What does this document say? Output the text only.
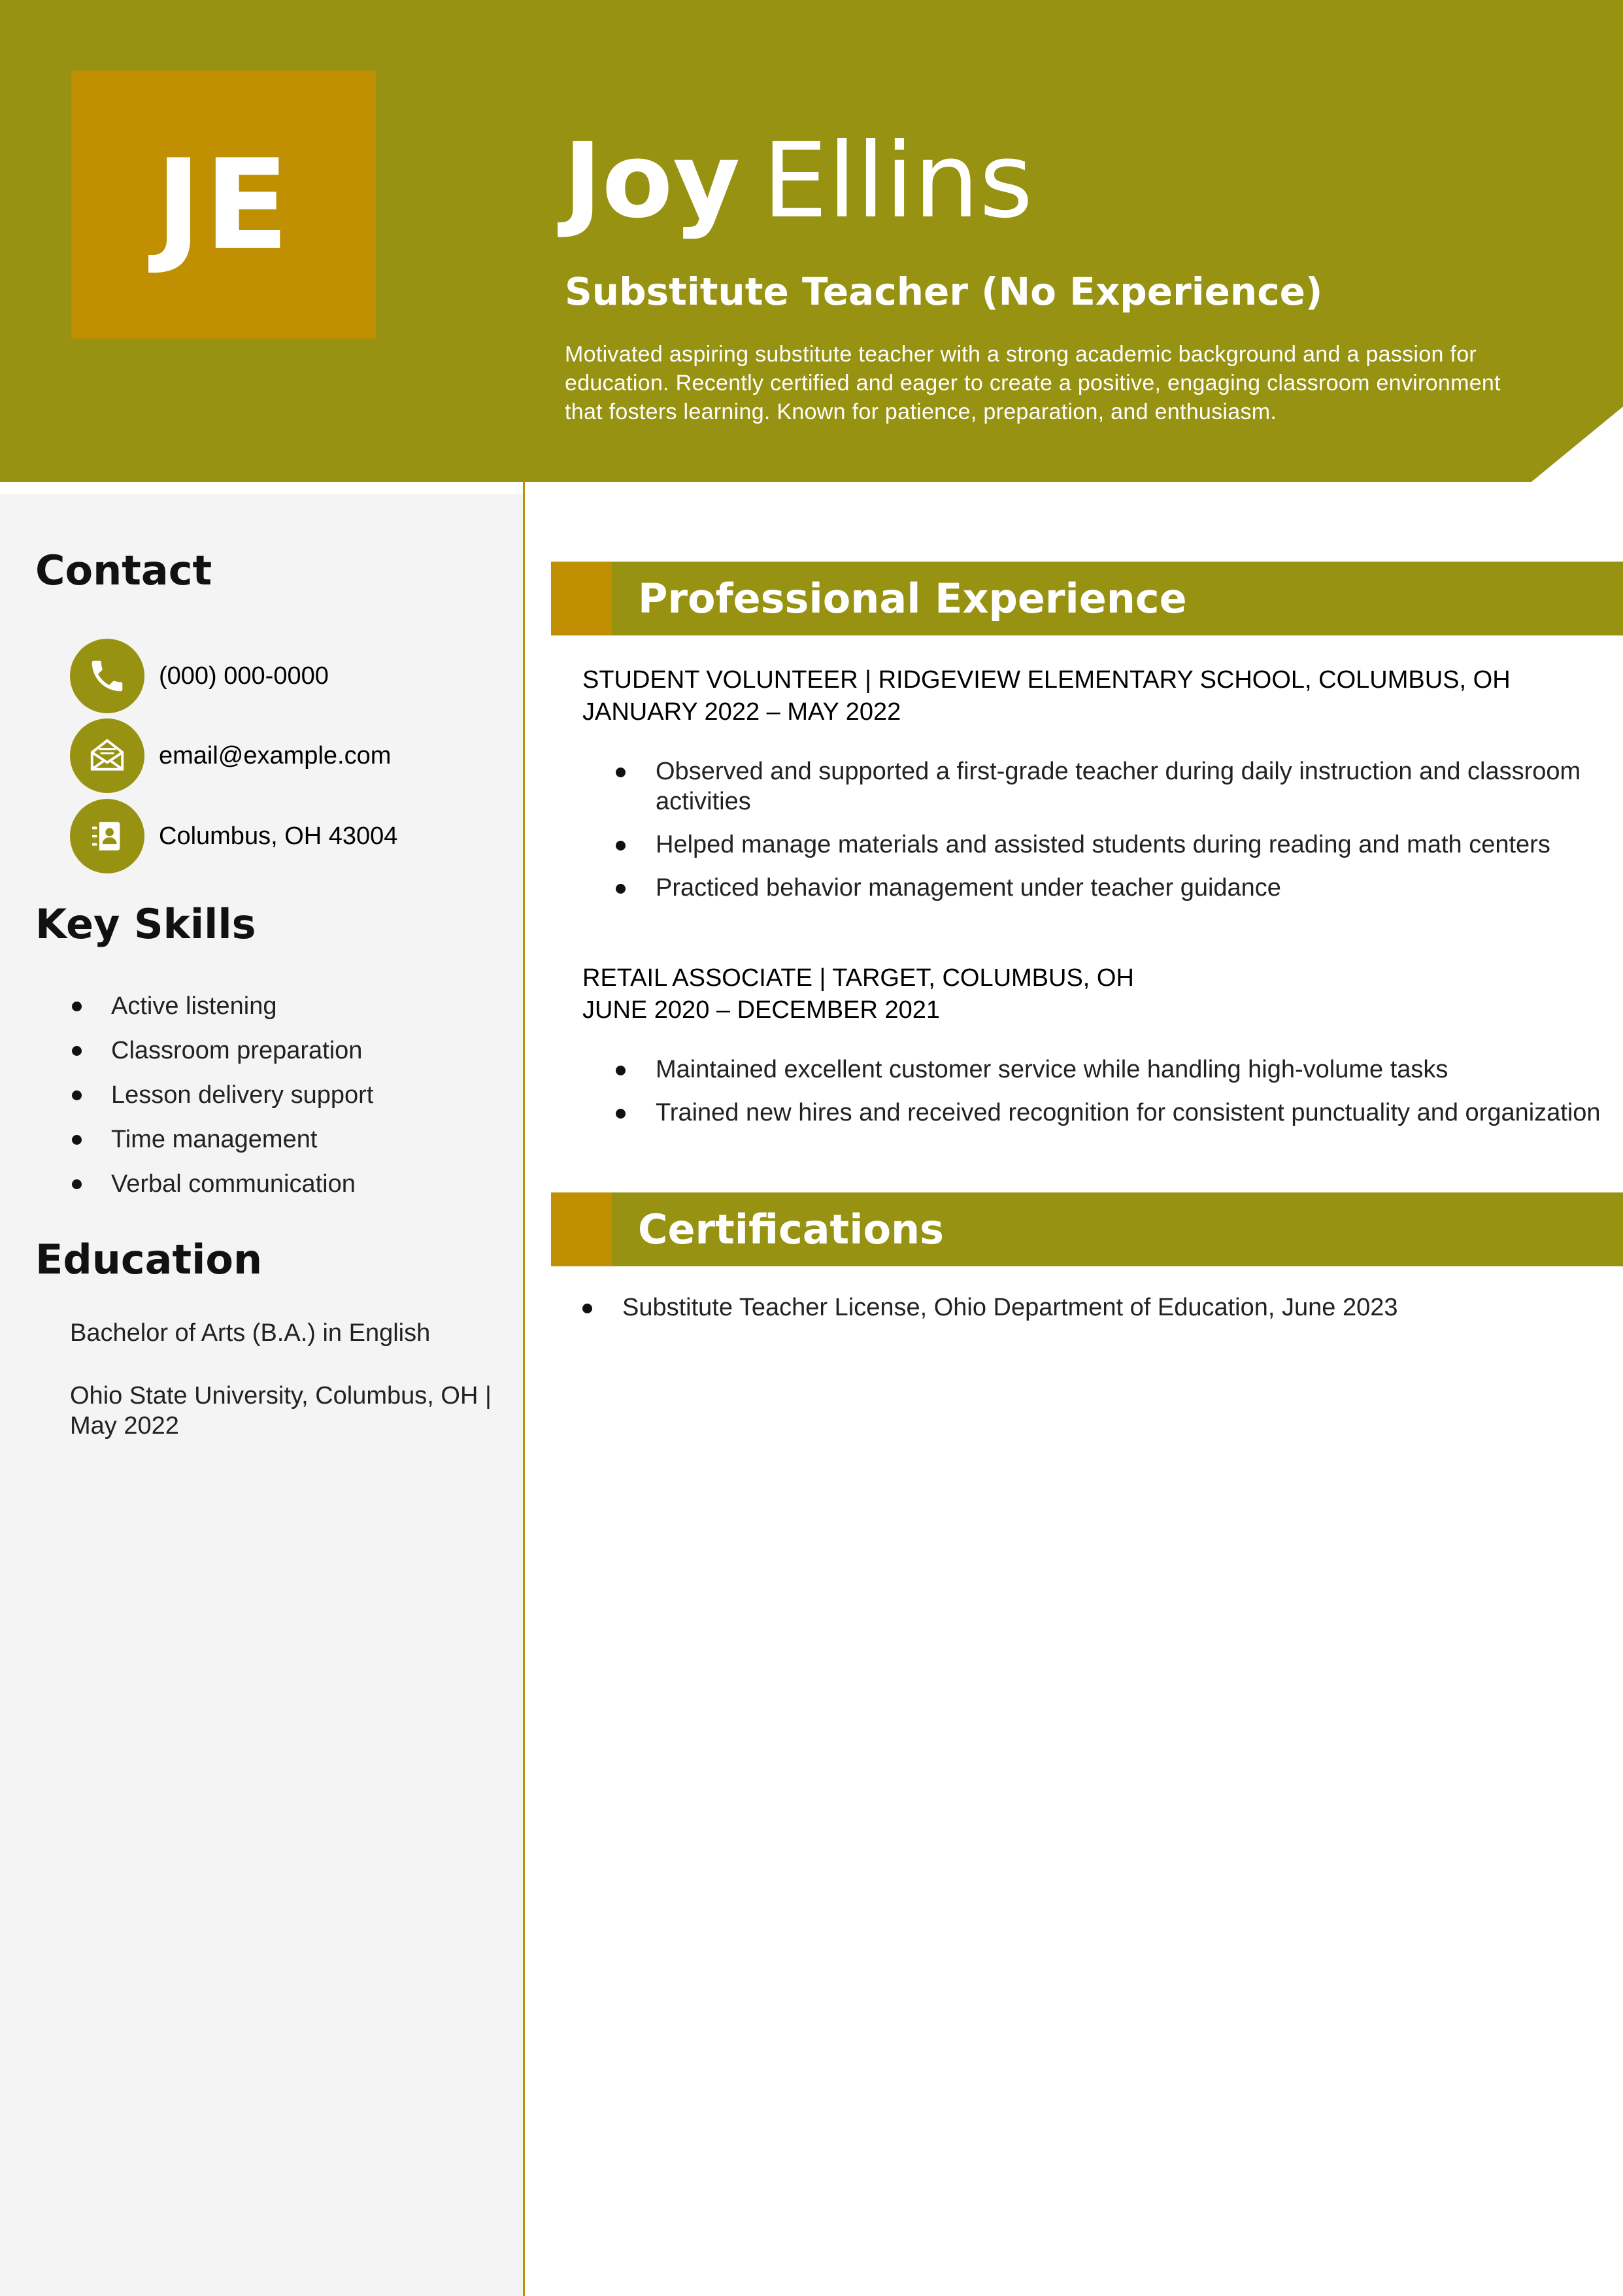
JE	Joy Ellins
Substitute Teacher (No Experience)

Motivated aspiring substitute teacher with a strong academic background and a passion for education. Recently certified and eager to create a positive, engaging classroom environment that fosters learning. Known for patience, preparation, and enthusiasm.

Contact
(000) 000-0000
email@example.com
Columbus, OH 43004
Key Skills
Active listening
Classroom preparation
Lesson delivery support
Time management
Verbal communication
Education

Bachelor of Arts (B.A.) in English

Ohio State University, Columbus, OH | May 2022

Professional Experience

STUDENT VOLUNTEER | RIDGEVIEW ELEMENTARY SCHOOL, COLUMBUS, OH

JANUARY 2022 – MAY 2022

Observed and supported a first-grade teacher during daily instruction and classroom activities
Helped manage materials and assisted students during reading and math centers
Practiced behavior management under teacher guidance

RETAIL ASSOCIATE | TARGET, COLUMBUS, OH

JUNE 2020 – DECEMBER 2021

Maintained excellent customer service while handling high-volume tasks
Trained new hires and received recognition for consistent punctuality and organization
Certifications
Substitute Teacher License, Ohio Department of Education, June 2023
